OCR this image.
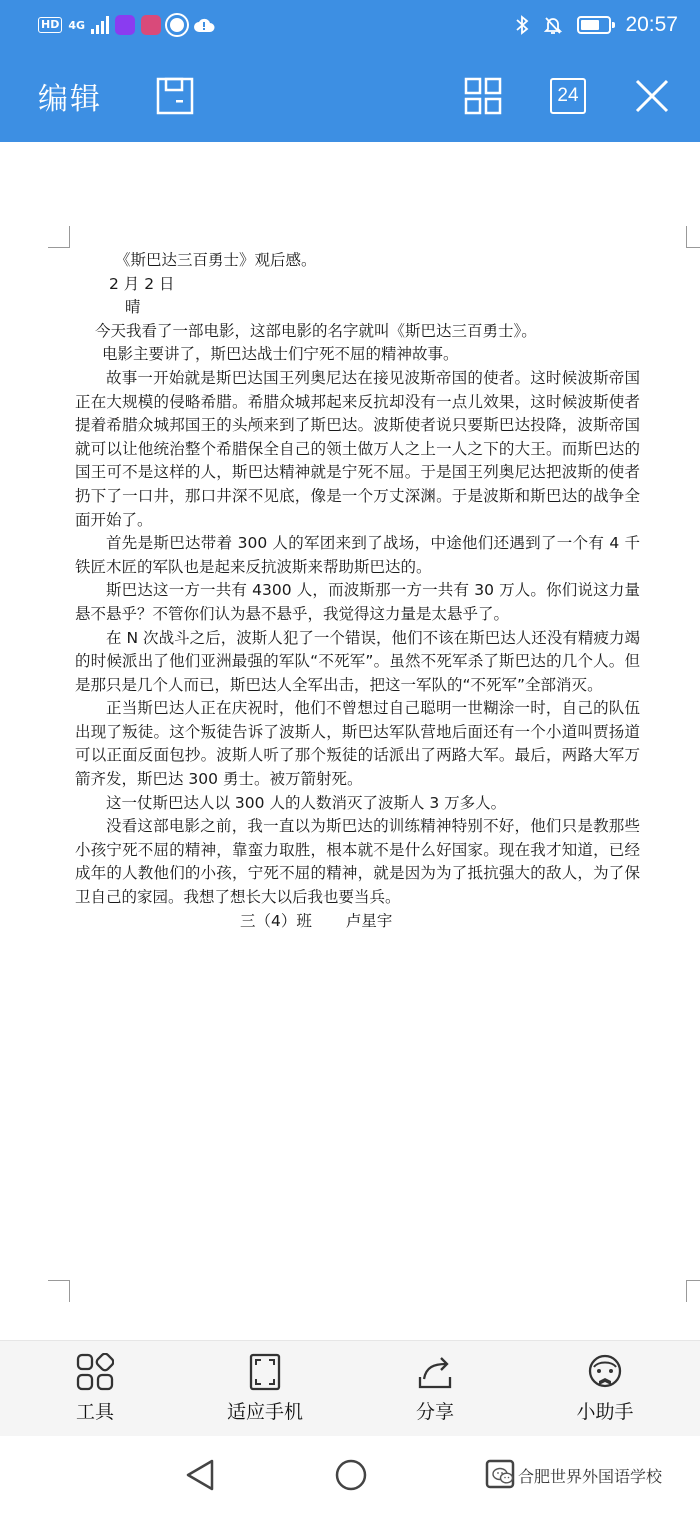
HD 4G	20:57
编辑	24

《斯巴达三百勇士》观后感。

2 月 2 日

晴

今天我看了一部电影，这部电影的名字就叫《斯巴达三百勇士》。

电影主要讲了，斯巴达战士们宁死不屈的精神故事。

故事一开始就是斯巴达国王列奥尼达在接见波斯帝国的使者。这时候波斯帝国正在大规模的侵略希腊。希腊众城邦起来反抗却没有一点儿效果，这时候波斯使者提着希腊众城邦国王的头颅来到了斯巴达。波斯使者说只要斯巴达投降，波斯帝国就可以让他统治整个希腊保全自己的领土做万人之上一人之下的大王。而斯巴达的国王可不是这样的人，斯巴达精神就是宁死不屈。于是国王列奥尼达把波斯的使者扔下了一口井，那口井深不见底，像是一个万丈深渊。于是波斯和斯巴达的战争全面开始了。

首先是斯巴达带着 300 人的军团来到了战场，中途他们还遇到了一个有 4 千铁匠木匠的军队也是起来反抗波斯来帮助斯巴达的。

斯巴达这一方一共有 4300 人，而波斯那一方一共有 30 万人。你们说这力量悬不悬乎？不管你们认为悬不悬乎，我觉得这力量是太悬乎了。

在 N 次战斗之后，波斯人犯了一个错误，他们不该在斯巴达人还没有精疲力竭的时候派出了他们亚洲最强的军队“不死军”。虽然不死军杀了斯巴达的几个人。但是那只是几个人而已，斯巴达人全军出击，把这一军队的“不死军”全部消灭。

正当斯巴达人正在庆祝时，他们不曾想过自己聪明一世糊涂一时，自己的队伍出现了叛徒。这个叛徒告诉了波斯人，斯巴达军队营地后面还有一个小道叫贾扬道可以正面反面包抄。波斯人听了那个叛徒的话派出了两路大军。最后，两路大军万箭齐发，斯巴达 300 勇士。被万箭射死。

这一仗斯巴达人以 300 人的人数消灭了波斯人 3 万多人。

没看这部电影之前，我一直以为斯巴达的训练精神特别不好，他们只是教那些小孩宁死不屈的精神，靠蛮力取胜，根本就不是什么好国家。现在我才知道，已经成年的人教他们的小孩，宁死不屈的精神，就是因为为了抵抗强大的敌人，为了保卫自己的家园。我想了想长大以后我也要当兵。

三（4）班 卢星宇

工具	适应手机	分享	小助手
合肥世界外国语学校
